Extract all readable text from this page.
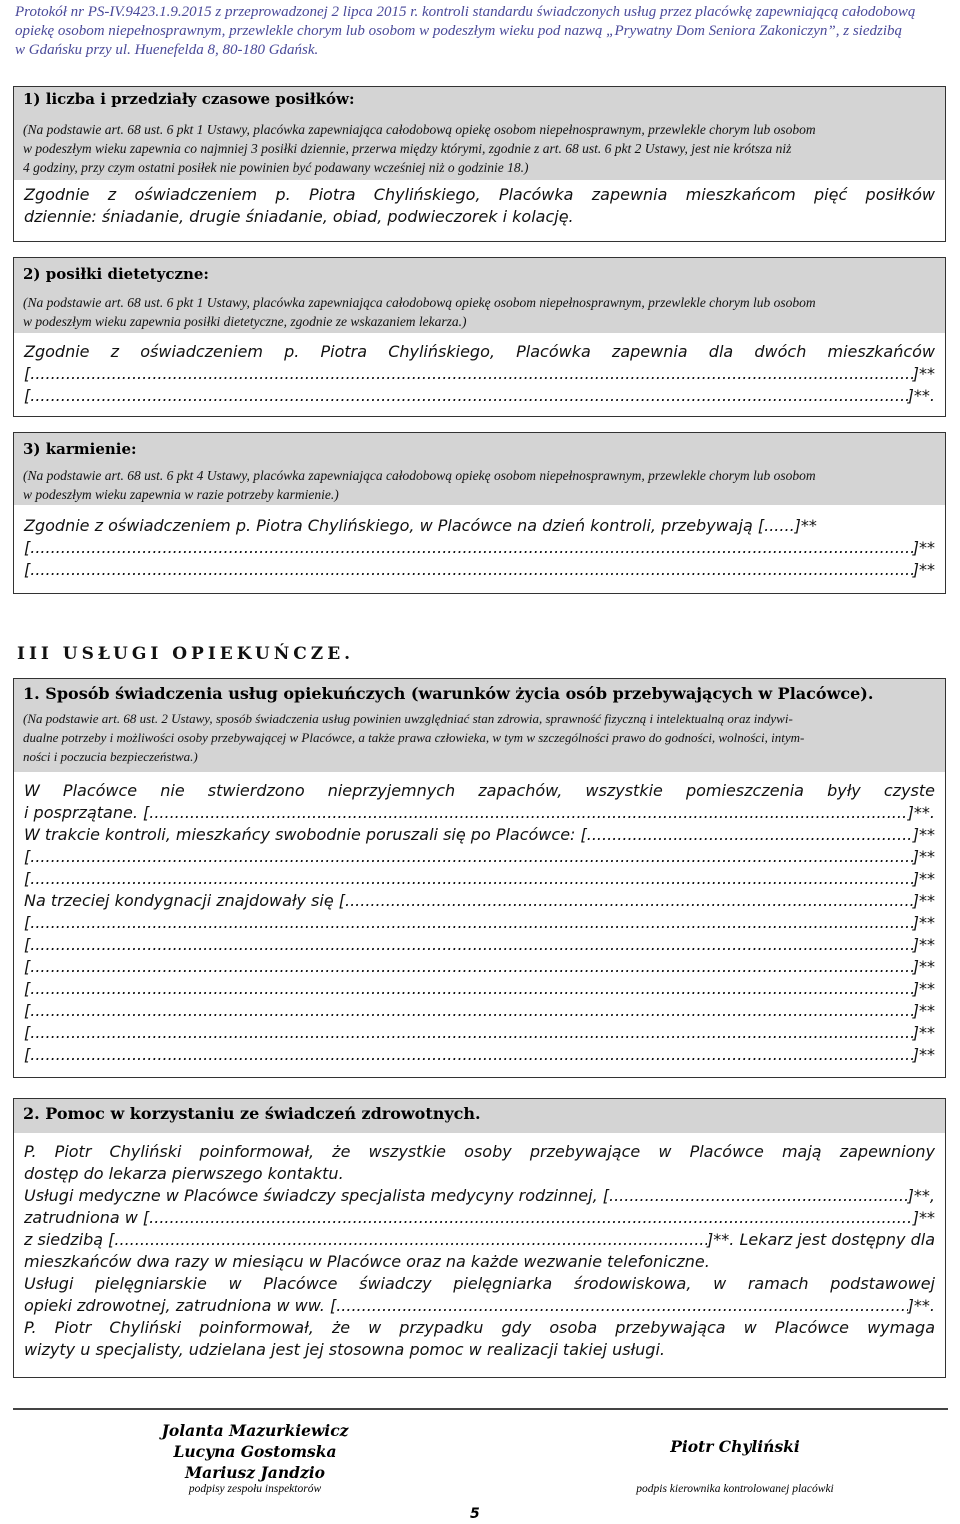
Protokół nr PS-IV.9423.1.9.2015 z przeprowadzonej 2 lipca 2015 r. kontroli standardu świadczonych usług przez placówkę zapewniającą całodobową
opiekę osobom niepełnosprawnym, przewlekle chorym lub osobom w podeszłym wieku pod nazwą „Prywatny Dom Seniora Zakoniczyn”, z siedzibą
w Gdańsku przy ul. Huenefelda 8, 80-180 Gdańsk.
1) liczba i przedziały czasowe posiłków:
(Na podstawie art. 68 ust. 6 pkt 1 Ustawy, placówka zapewniająca całodobową opiekę osobom niepełnosprawnym, przewlekle chorym lub osobom
w podeszłym wieku zapewnia co najmniej 3 posiłki dziennie, przerwa między którymi, zgodnie z art. 68 ust. 6 pkt 2 Ustawy, jest nie krótsza niż
4 godziny, przy czym ostatni posiłek nie powinien być podawany wcześniej niż o godzinie 18.)
Zgodnie z oświadczeniem p. Piotra Chylińskiego, Placówka zapewnia mieszkańcom pięć posiłków
dziennie: śniadanie, drugie śniadanie, obiad, podwieczorek i kolację.
2) posiłki dietetyczne:
(Na podstawie art. 68 ust. 6 pkt 1 Ustawy, placówka zapewniająca całodobową opiekę osobom niepełnosprawnym, przewlekle chorym lub osobom
w podeszłym wieku zapewnia posiłki dietetyczne, zgodnie ze wskazaniem lekarza.)
Zgodnie z oświadczeniem p. Piotra Chylińskiego, Placówka zapewnia dla dwóch mieszkańców
[ .....	]**
[ .....	]**.
3) karmienie:
(Na podstawie art. 68 ust. 6 pkt 4 Ustawy, placówka zapewniająca całodobową opiekę osobom niepełnosprawnym, przewlekle chorym lub osobom
w podeszłym wieku zapewnia w razie potrzeby karmienie.)
Zgodnie z oświadczeniem p. Piotra Chylińskiego, w Placówce na dzień kontroli, przebywają [......]**
[ .....	]**
[ .....	]**
III USŁUGI OPIEKUŃCZE.
1. Sposób świadczenia usług opiekuńczych (warunków życia osób przebywających w Placówce).
(Na podstawie art. 68 ust. 2 Ustawy, sposób świadczenia usług powinien uwzględniać stan zdrowia, sprawność fizyczną i intelektualną oraz indywi-
dualne potrzeby i możliwości osoby przebywającej w Placówce, a także prawa człowieka, w tym w szczególności prawo do godności, wolności, intym-
ności i poczucia bezpieczeństwa.)
W Placówce nie stwierdzono nieprzyjemnych zapachów, wszystkie pomieszczenia były czyste
i posprzątane. [ .....	]**.
W trakcie kontroli, mieszkańcy swobodnie poruszali się po Placówce: [ .....	]**
[ .....	]**
[ .....	]**
Na trzeciej kondygnacji znajdowały się [ .....	]**
[ .....	]**
[ .....	]**
[ .....	]**
[ .....	]**
[ .....	]**
[ .....	]**
[ .....	]**
2. Pomoc w korzystaniu ze świadczeń zdrowotnych.
P. Piotr Chyliński poinformował, że wszystkie osoby przebywające w Placówce mają zapewniony
dostęp do lekarza pierwszego kontaktu.
Usługi medyczne w Placówce świadczy specjalista medycyny rodzinnej, [ .....	]**,
zatrudniona w [ .....	]**
z siedzibą [ .....	]**. Lekarz jest dostępny dla
mieszkańców dwa razy w miesiącu w Placówce oraz na każde wezwanie telefoniczne.
Usługi pielęgniarskie w Placówce świadczy pielęgniarka środowiskowa, w ramach podstawowej
opieki zdrowotnej, zatrudniona w ww. [ .....	]**.
P. Piotr Chyliński poinformował, że w przypadku gdy osoba przebywająca w Placówce wymaga
wizyty u specjalisty, udzielana jest jej stosowna pomoc w realizacji takiej usługi.
Jolanta Mazurkiewicz
Lucyna Gostomska
Mariusz Jandzio
podpisy zespołu inspektorów
Piotr Chyliński
podpis kierownika kontrolowanej placówki
5
